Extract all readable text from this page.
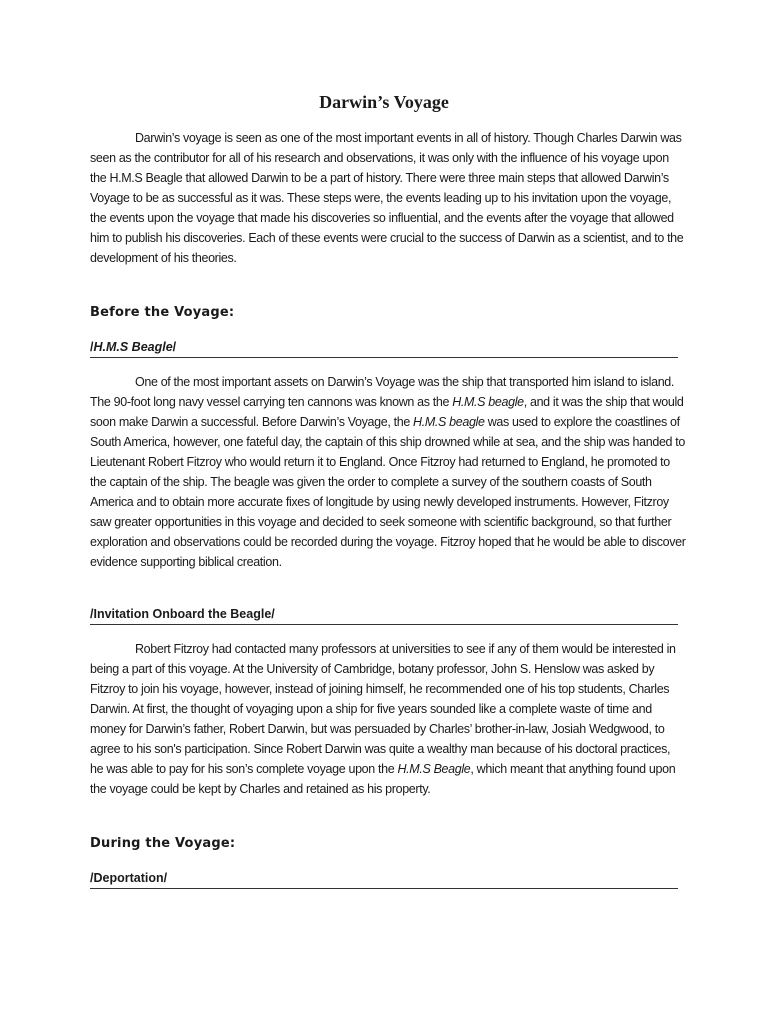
Darwin’s Voyage

Darwin’s voyage is seen as one of the most important events in all of history. Though Charles Darwin was seen as the contributor for all of his research and observations, it was only with the influence of his voyage upon the H.M.S Beagle that allowed Darwin to be a part of history. There were three main steps that allowed Darwin’s Voyage to be as successful as it was. These steps were, the events leading up to his invitation upon the voyage, the events upon the voyage that made his discoveries so influential, and the events after the voyage that allowed him to publish his discoveries. Each of these events were crucial to the success of Darwin as a scientist, and to the development of his theories.

Before the Voyage:
/H.M.S Beagle/

One of the most important assets on Darwin’s Voyage was the ship that transported him island to island. The 90-foot long navy vessel carrying ten cannons was known as the H.M.S beagle, and it was the ship that would soon make Darwin a successful. Before Darwin’s Voyage, the H.M.S beagle was used to explore the coastlines of South America, however, one fateful day, the captain of this ship drowned while at sea, and the ship was handed to Lieutenant Robert Fitzroy who would return it to England. Once Fitzroy had returned to England, he promoted to the captain of the ship. The beagle was given the order to complete a survey of the southern coasts of South America and to obtain more accurate fixes of longitude by using newly developed instruments. However, Fitzroy saw greater opportunities in this voyage and decided to seek someone with scientific background, so that further exploration and observations could be recorded during the voyage. Fitzroy hoped that he would be able to discover evidence supporting biblical creation.

/Invitation Onboard the Beagle/

Robert Fitzroy had contacted many professors at universities to see if any of them would be interested in being a part of this voyage. At the University of Cambridge, botany professor, John S. Henslow was asked by Fitzroy to join his voyage, however, instead of joining himself, he recommended one of his top students, Charles Darwin. At first, the thought of voyaging upon a ship for five years sounded like a complete waste of time and money for Darwin’s father, Robert Darwin, but was persuaded by Charles’ brother-in-law, Josiah Wedgwood, to agree to his son's participation. Since Robert Darwin was quite a wealthy man because of his doctoral practices, he was able to pay for his son’s complete voyage upon the H.M.S Beagle, which meant that anything found upon the voyage could be kept by Charles and retained as his property.

During the Voyage:
/Deportation/
